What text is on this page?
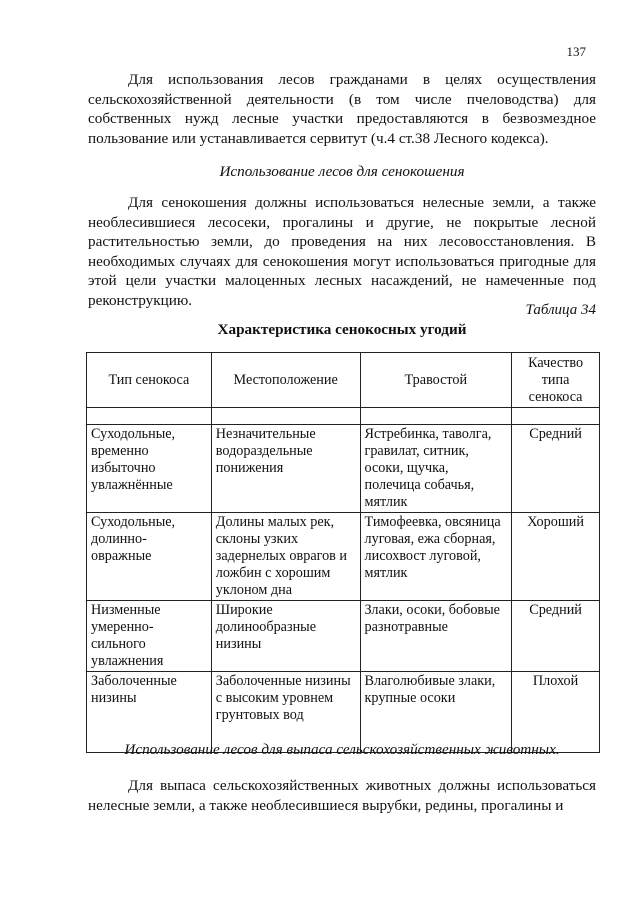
137

Для использования лесов гражданами в целях осуществления сельскохозяйственной деятельности (в том числе пчеловодства) для собственных нужд лесные участки предоставляются в безвозмездное пользование или устанавливается сервитут (ч.4 ст.38 Лесного кодекса).

Использование лесов для сенокошения

Для сенокошения должны использоваться нелесные земли, а также необлесившиеся лесосеки, прогалины и другие, не покрытые лесной растительностью земли, до проведения на них лесовосстановления. В необходимых случаях для сенокошения могут использоваться пригодные для этой цели участки малоценных лесных насаждений, не намеченные под реконструкцию.

Таблица 34

Характеристика сенокосных угодий

Тип сенокоса	Местоположение	Травостой	Качество типа сенокоса

Суходольные, временно избыточно увлажнённые	Незначительные водораздельные понижения	Ястребинка, таволга, гравилат, ситник, осоки, щучка, полечица собачья, мятлик	Средний
Суходольные, долинно-овражные	Долины малых рек, склоны узких задернелых оврагов и ложбин с хорошим уклоном дна	Тимофеевка, овсяница луговая, ежа сборная, лисохвост луговой, мятлик	Хороший
Низменные умеренно-сильного увлажнения	Широкие долинообразные низины	Злаки, осоки, бобовые разнотравные	Средний
Заболоченные низины	Заболоченные низины с высоким уровнем грунтовых вод	Влаголюбивые злаки, крупные осоки	Плохой

Использование лесов для выпаса сельскохозяйственных животных.

Для выпаса сельскохозяйственных животных должны использоваться нелесные земли, а также необлесившиеся вырубки, редины, прогалины и
